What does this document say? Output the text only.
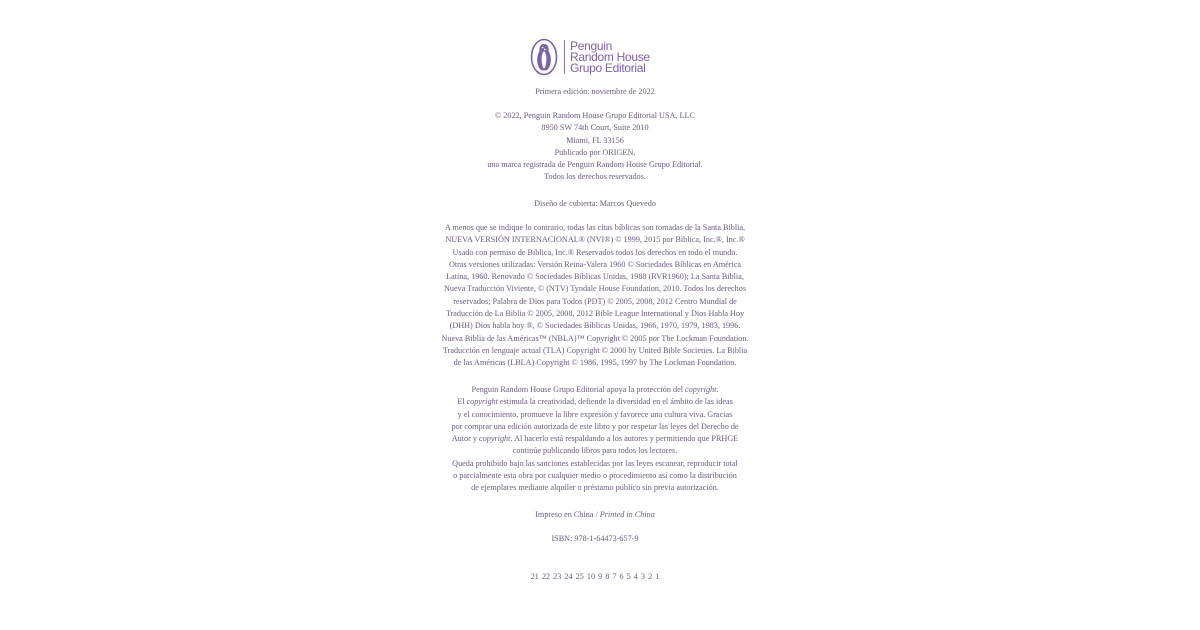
Penguin
Random House
Grupo Editorial
Primera edición: noviembre de 2022
© 2022, Penguin Random House Grupo Editorial USA, LLC
8950 SW 74th Court, Suite 2010
Miami, FL 33156
Publicado por ORIGEN,
una marca registrada de Penguin Random House Grupo Editorial.
Todos los derechos reservados.
Diseño de cubierta: Marcos Quevedo
A menos que se indique lo contrario, todas las citas bíblicas son tomadas de la Santa Biblia,
NUEVA VERSIÓN INTERNACIONAL® (NVI®) © 1999, 2015 por Biblica, Inc.®, Inc.®
Usado con permiso de Biblica, Inc.® Reservados todos los derechos en todo el mundo.
Otras versiones utilizadas: Versión Reina-Valera 1960 © Sociedades Bíblicas en América
Latina, 1960. Renovado © Sociedades Bíblicas Unidas, 1988 (RVR1960); La Santa Biblia,
Nueva Traducción Viviente, © (NTV) Tyndale House Foundation, 2010. Todos los derechos
reservados; Palabra de Dios para Todos (PDT) © 2005, 2008, 2012 Centro Mundial de
Traducción de La Biblia © 2005, 2008, 2012 Bible League International y Dios Habla Hoy
(DHH) Dios habla hoy ®, © Sociedades Bíblicas Unidas, 1966, 1970, 1979, 1983, 1996.
Nueva Biblia de las Américas™ (NBLA)™ Copyright © 2005 por The Lockman Foundation.
Traducción en lenguaje actual (TLA) Copyright © 2000 by United Bible Societies. La Biblia
de las Américas (LBLA) Copyright © 1986, 1995, 1997 by The Lockman Foundation.
Penguin Random House Grupo Editorial apoya la protección del copyright.
El copyright estimula la creatividad, defiende la diversidad en el ámbito de las ideas
y el conocimiento, promueve la libre expresión y favorece una cultura viva. Gracias
por comprar una edición autorizada de este libro y por respetar las leyes del Derecho de
Autor y copyright. Al hacerlo está respaldando a los autores y permitiendo que PRHGE
continúe publicando libros para todos los lectores.
Queda prohibido bajo las sanciones establecidas por las leyes escanear, reproducir total
o parcialmente esta obra por cualquier medio o procedimiento así como la distribución
de ejemplares mediante alquiler o préstamo público sin previa autorización.
Impreso en China / Printed in China
ISBN: 978-1-64473-657-9
21 22 23 24 25 10 9 8 7 6 5 4 3 2 1
